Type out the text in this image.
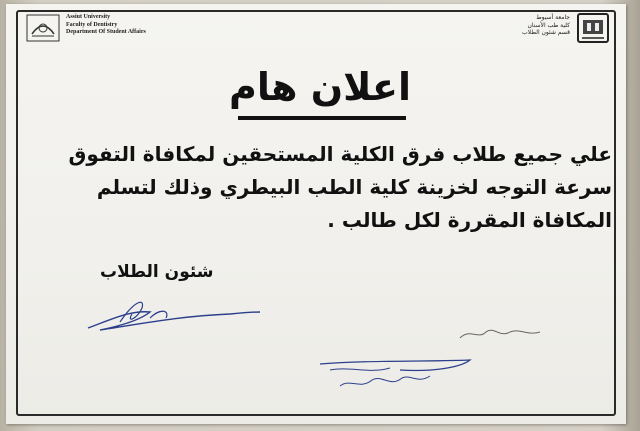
Assiut University
Faculty of Dentistry
Department Of Student Affairs
جامعة أسيوط
كلية طب الأسنان
قسم شئون الطلاب
اعلان هام
علي جميع طلاب فرق الكلية المستحقين لمكافاة التفوق سرعة التوجه لخزينة كلية الطب البيطري وذلك لتسلم المكافاة المقررة لكل طالب .
شئون الطلاب
